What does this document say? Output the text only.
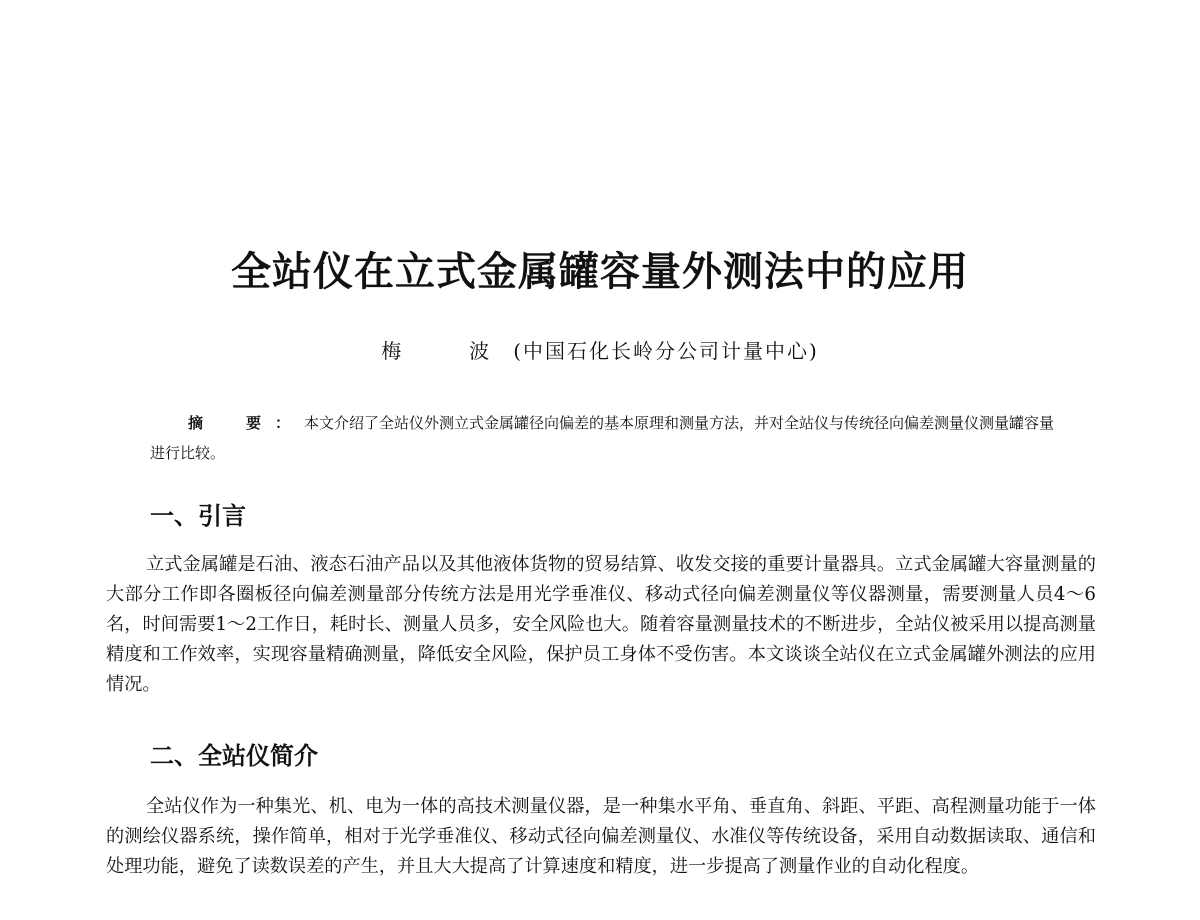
全站仪在立式金属罐容量外测法中的应用
梅　波(中国石化长岭分公司计量中心)
摘　要：本文介绍了全站仪外测立式金属罐径向偏差的基本原理和测量方法，并对全站仪与传统径向偏差测量仪测量罐容量进行比较。
一、引言
立式金属罐是石油、液态石油产品以及其他液体货物的贸易结算、收发交接的重要计量器具。立式金属罐大容量测量的大部分工作即各圈板径向偏差测量部分传统方法是用光学垂准仪、移动式径向偏差测量仪等仪器测量，需要测量人员4～6名，时间需要1～2工作日，耗时长、测量人员多，安全风险也大。随着容量测量技术的不断进步，全站仪被采用以提高测量精度和工作效率，实现容量精确测量，降低安全风险，保护员工身体不受伤害。本文谈谈全站仪在立式金属罐外测法的应用情况。
二、全站仪简介
全站仪作为一种集光、机、电为一体的高技术测量仪器，是一种集水平角、垂直角、斜距、平距、高程测量功能于一体的测绘仪器系统，操作简单，相对于光学垂准仪、移动式径向偏差测量仪、水准仪等传统设备，采用自动数据读取、通信和处理功能，避免了读数误差的产生，并且大大提高了计算速度和精度，进一步提高了测量作业的自动化程度。
